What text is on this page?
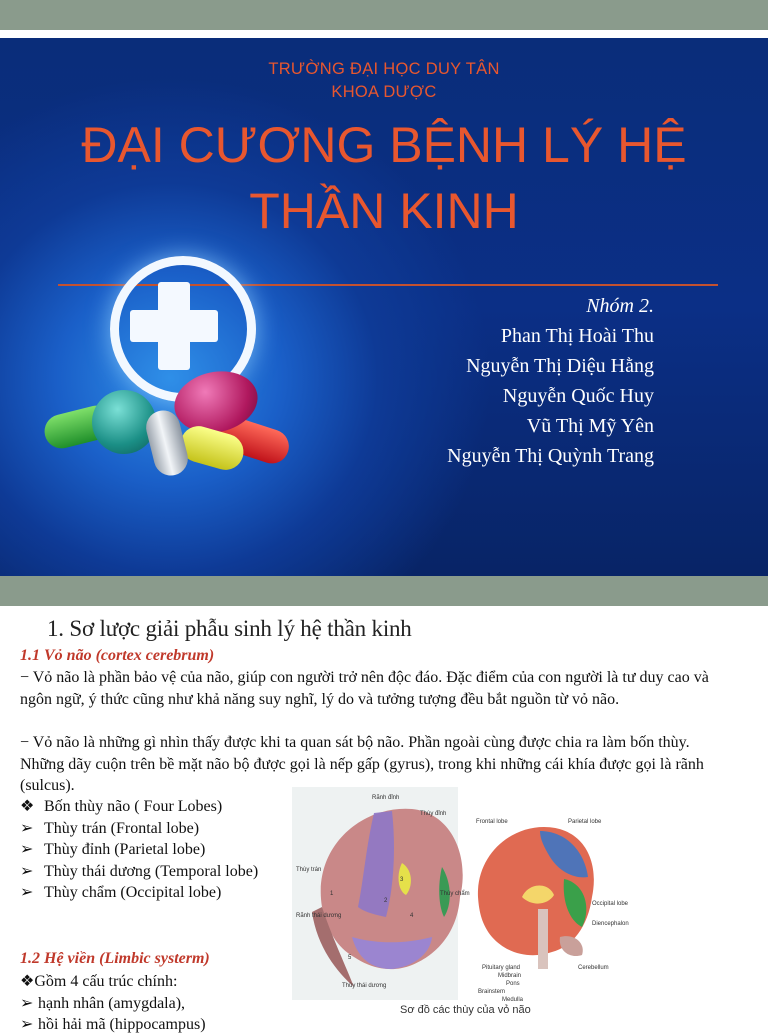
TRƯỜNG ĐẠI HỌC DUY TÂN
KHOA DƯỢC
ĐẠI CƯƠNG BỆNH LÝ HỆ
THẦN KINH
Nhóm 2.
Phan Thị Hoài Thu
Nguyễn Thị Diệu Hằng
Nguyễn Quốc Huy
Vũ Thị Mỹ Yên
Nguyễn Thị Quỳnh Trang
1. Sơ lược giải phẫu sinh lý hệ thần kinh
1.1 Vỏ não (cortex cerebrum)
− Vỏ não là phần bảo vệ của não, giúp con người trở nên độc đáo. Đặc điểm của con người là tư duy cao và ngôn ngữ, ý thức cũng như khả năng suy nghĩ, lý do và tưởng tượng đều bắt nguồn từ vỏ não.
− Vỏ não là những gì nhìn thấy được khi ta quan sát bộ não. Phần ngoài cùng được chia ra làm bốn thùy. Những dãy cuộn trên bề mặt não bộ được gọi là nếp gấp (gyrus), trong khi những cái khía được gọi là rãnh (sulcus).
❖ Bốn thùy não ( Four Lobes)
➢ Thùy trán (Frontal lobe)
➢ Thùy đỉnh (Parietal lobe)
➢ Thùy thái dương (Temporal lobe)
➢ Thùy chẩm (Occipital lobe)
1.2 Hệ viền (Limbic systerm)
❖Gồm 4 cấu trúc chính:
➢ hạnh nhân (amygdala),
➢ hồi hải mã (hippocampus)
Rãnh đỉnh
Thùy đỉnh
Thùy trán
Thùy chẩm
Rãnh thái dương
Thùy thái dương
1
2
3
4
5
Frontal lobe	Parietal lobe
Occipital lobe
Diencephalon
Cerebellum
Pituitary gland
Midbrain
Pons
Brainstem
Medulla
Sơ đồ các thùy của vỏ não
